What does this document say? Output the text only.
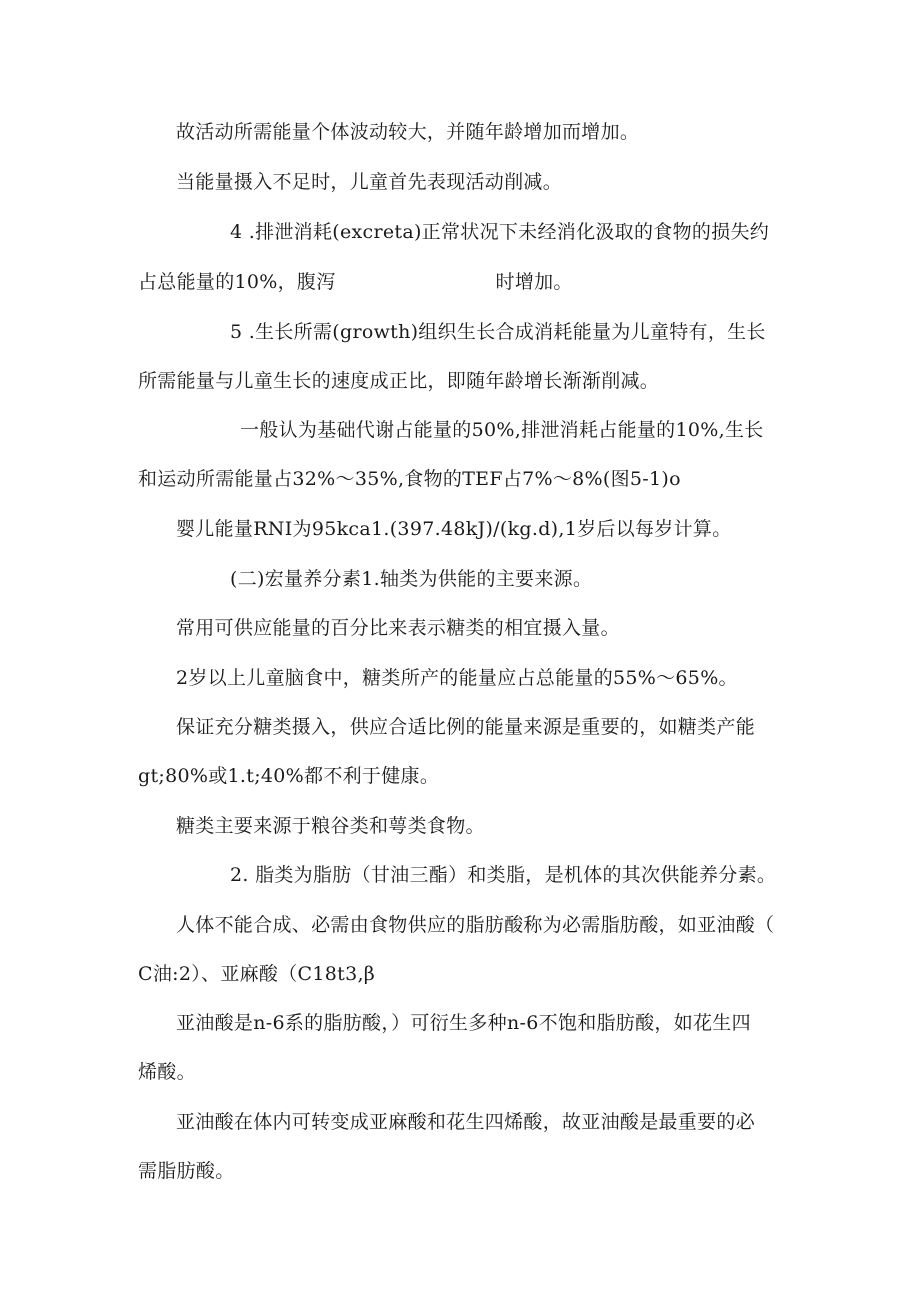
故活动所需能量个体波动较大，并随年龄增加而增加。
当能量摄入不足时，儿童首先表现活动削减。
4 .排泄消耗(excreta)正常状况下未经消化汲取的食物的损失约
占总能量的10%，腹泻	时增加。
5 .生长所需(growth)组织生长合成消耗能量为儿童特有，生长
所需能量与儿童生长的速度成正比，即随年龄增长渐渐削减。
一般认为基础代谢占能量的50%,排泄消耗占能量的10%,生长
和运动所需能量占32%～35%,食物的TEF占7%～8%(图5-1)o
婴儿能量RNI为95kca1.(397.48kJ)/(kg.d),1岁后以每岁计算。
(二)宏量养分素1.轴类为供能的主要来源。
常用可供应能量的百分比来表示糖类的相宜摄入量。
2岁以上儿童脑食中，糖类所产的能量应占总能量的55%～65%。
保证充分糖类摄入，供应合适比例的能量来源是重要的，如糖类产能
gt;80%或1.t;40%都不利于健康。
糖类主要来源于粮谷类和萼类食物。
2. 脂类为脂肪（甘油三酯）和类脂，是机体的其次供能养分素。
人体不能合成、必需由食物供应的脂肪酸称为必需脂肪酸，如亚油酸（
C油:2）、亚麻酸（C18t3,β
亚油酸是n-6系的脂肪酸，）可衍生多种n-6不饱和脂肪酸，如花生四
烯酸。
亚油酸在体内可转变成亚麻酸和花生四烯酸，故亚油酸是最重要的必
需脂肪酸。
